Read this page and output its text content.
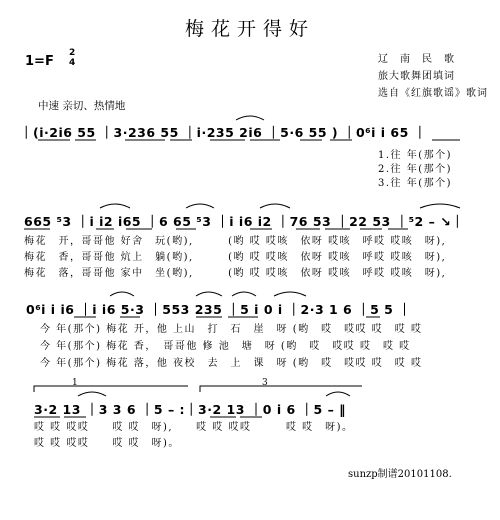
梅花开得好
1=F
2
4	辽　南　民　歌
旅大歌舞团填词
选自《红旗歌谣》歌词
中速 亲切、热情地
｜(i·2i6 55 ｜3·236 55 ｜i·235 2i6 ｜5·6 55 ) ｜0⁶i i 65 ｜
1.往 年(那个)
2.往 年(那个)
3.往 年(那个)
665 ⁵3 ｜i i2 i65 ｜6 65 ⁵3 ｜i i6 i2 ｜76 53 ｜22 53 ｜⁵2 – ↘｜
梅花　开，哥哥他 好舍　玩(哟),　　　(哟 哎 哎咳　依呀 哎咳　呼哎 哎咳　呀),
梅花　香，哥哥他 炕上　躺(哟),　　　(哟 哎 哎咳　依呀 哎咳　呼哎 哎咳　呀),
梅花　落，哥哥他 家中　坐(哟),　　　(哟 哎 哎咳　依呀 哎咳　呼哎 哎咳　呀),
0⁶i i i6 ｜i i6 5·3 ｜553 235 ｜5 i 0 i ｜2·3 1 6 ｜5 5 ｜
今 年(那个) 梅花 开，他 上山　打　石　崖　呀 (哟　哎　哎哎 哎　哎 哎
今 年(那个) 梅花 香，　哥哥他 修 池　塘　呀 (哟　哎　哎哎 哎　哎 哎
今 年(那个) 梅花 落，他 夜校　去　上　课　呀 (哟　哎　哎哎 哎　哎 哎
1	3
3·2 13 ｜3 3 6 ｜5 – :｜3·2 13 ｜0 i 6 ｜5 – ‖
哎 哎 哎哎　　哎 哎　呀),　　哎 哎 哎哎　　　哎 哎　呀)。
哎 哎 哎哎　　哎 哎　呀)。
sunzp制谱20101108.
